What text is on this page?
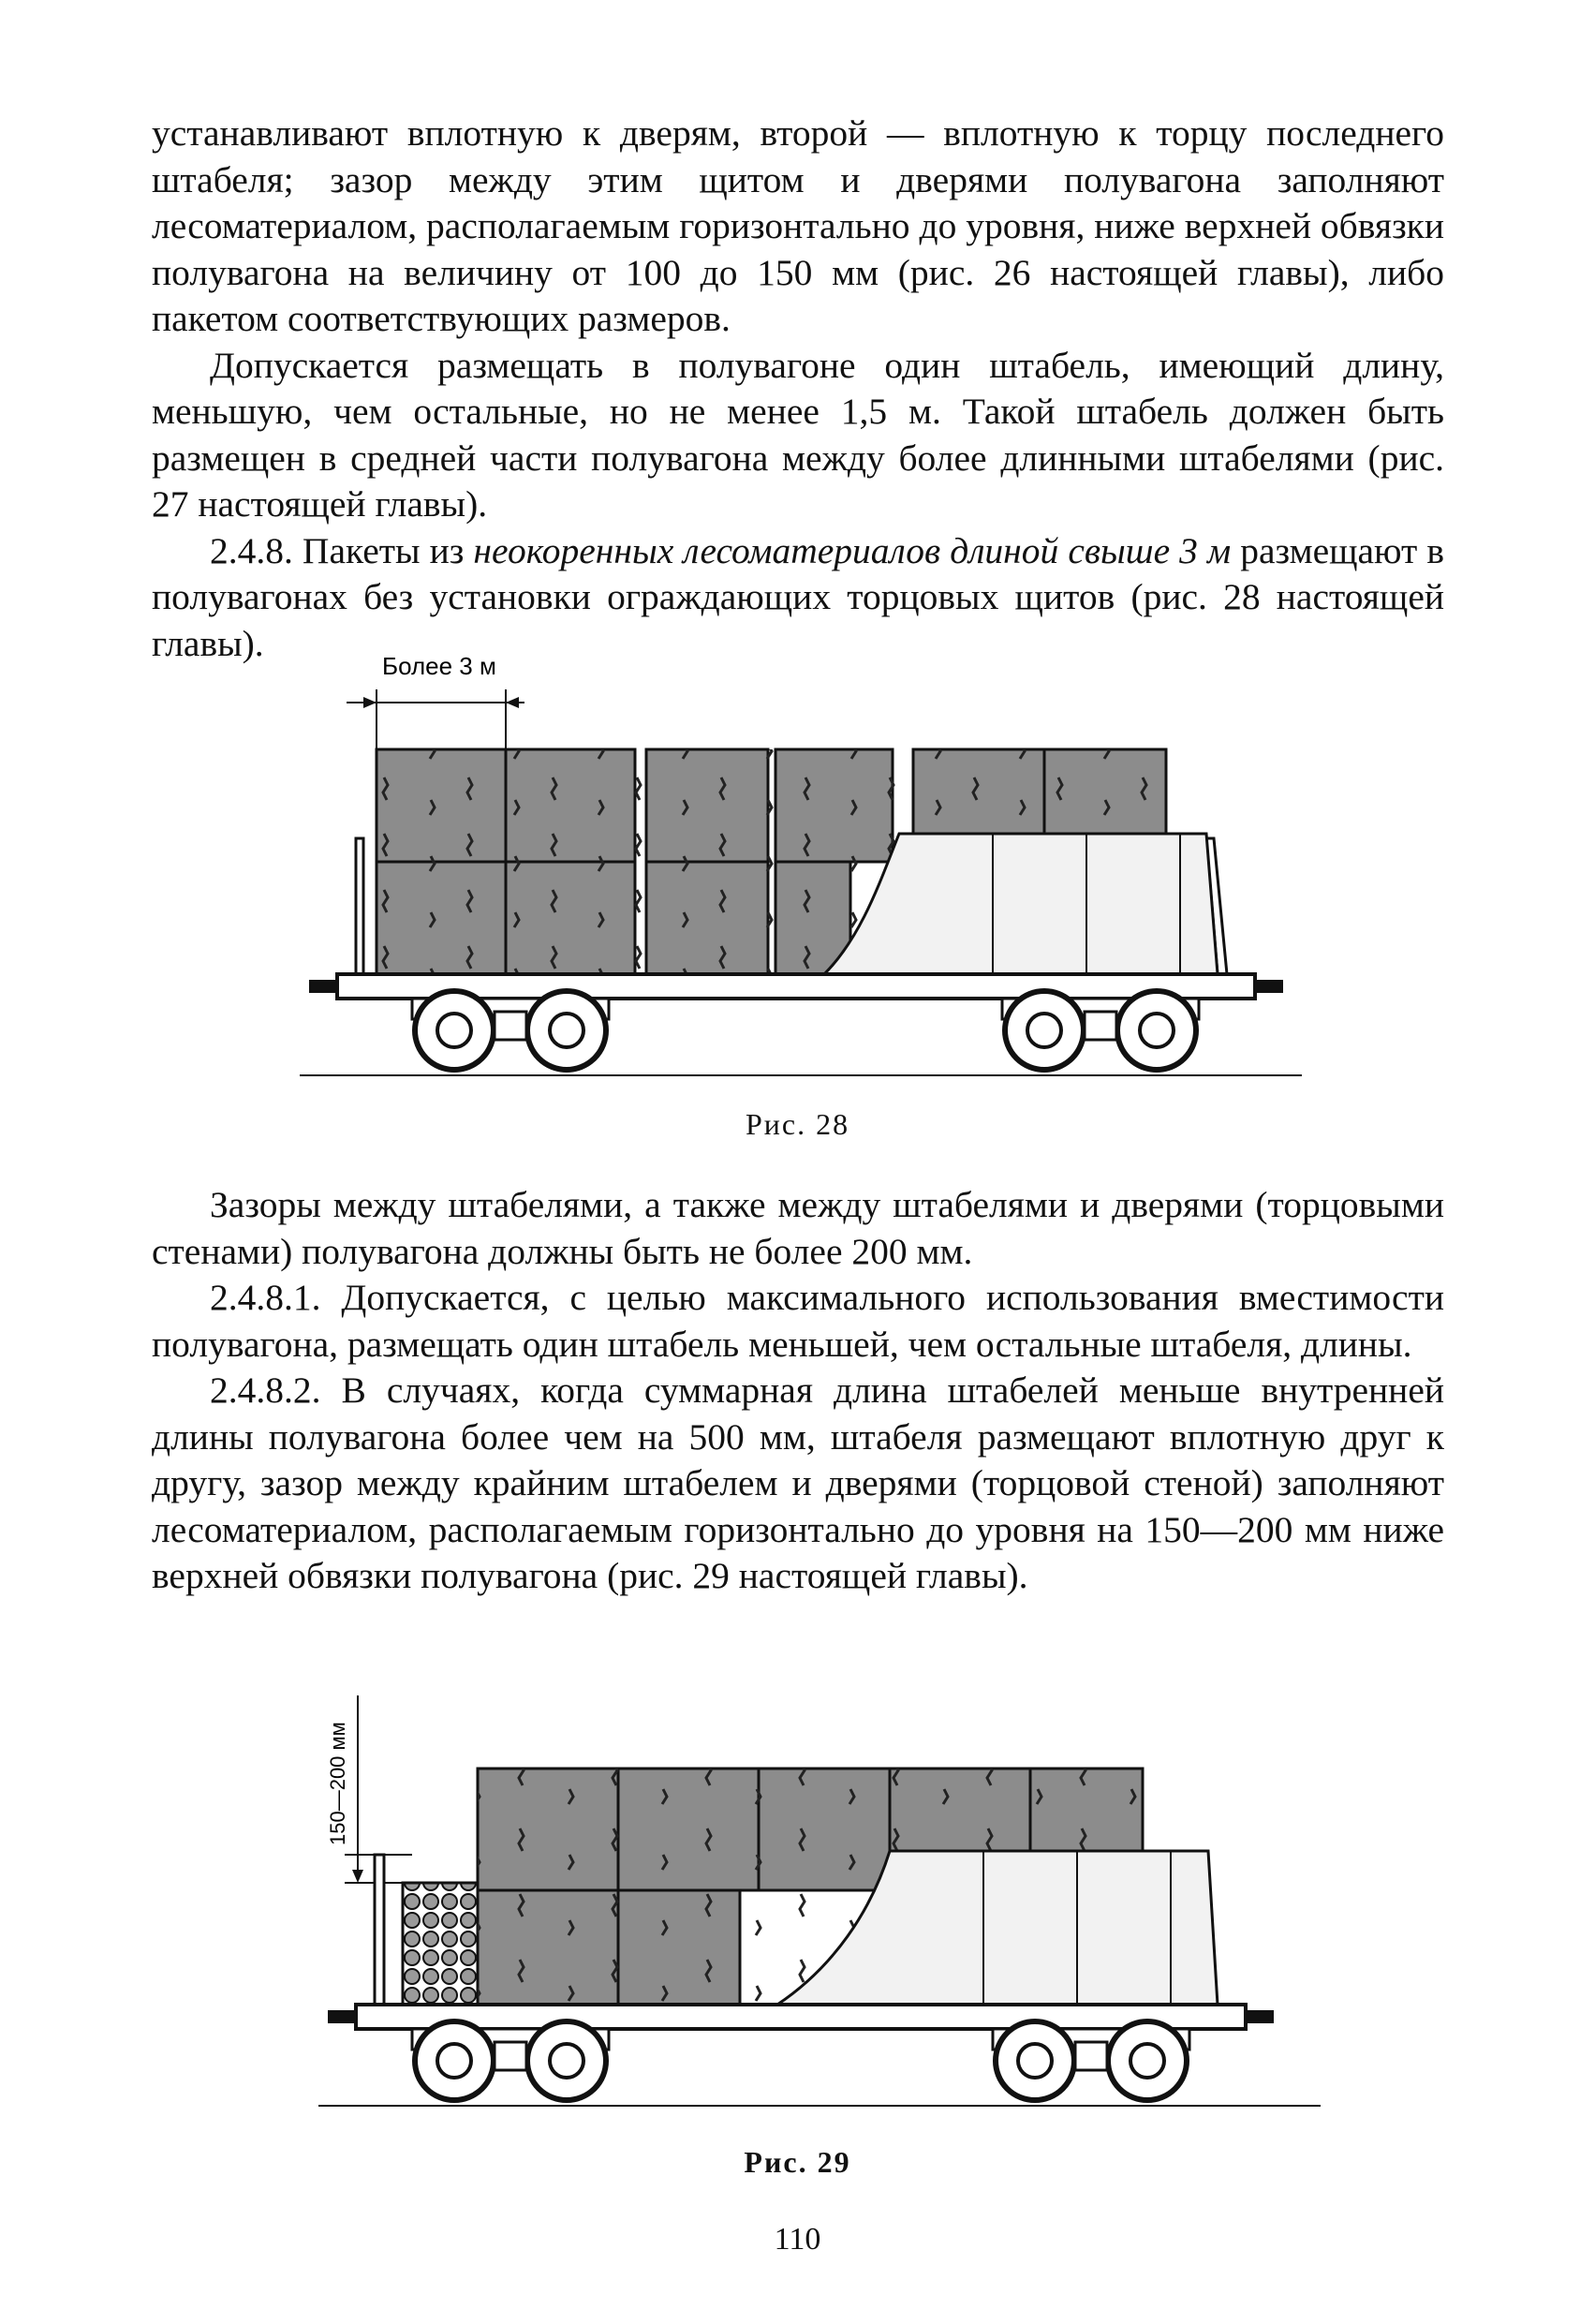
устанавливают вплотную к дверям, второй — вплотную к торцу последнего штабеля; зазор между этим щитом и дверями полувагона заполняют лесоматериалом, располагаемым горизонтально до уровня, ниже верхней обвязки полувагона на величину от 100 до 150 мм (рис. 26 настоящей главы), либо пакетом соответствующих размеров.

Допускается размещать в полувагоне один штабель, имеющий длину, меньшую, чем остальные, но не менее 1,5 м. Такой штабель должен быть размещен в средней части полувагона между более длинными штабелями (рис. 27 настоящей главы).

2.4.8. Пакеты из неокоренных лесоматериалов длиной свыше 3 м размещают в полувагонах без установки ограждающих торцовых щитов (рис. 28 настоящей главы).

Более 3 м
Рис. 28

Зазоры между штабелями, а также между штабелями и дверями (торцовыми стенами) полувагона должны быть не более 200 мм.

2.4.8.1. Допускается, с целью максимального использования вместимости полувагона, размещать один штабель меньшей, чем остальные штабеля, длины.

2.4.8.2. В случаях, когда суммарная длина штабелей меньше внутренней длины полувагона более чем на 500 мм, штабеля размещают вплотную друг к другу, зазор между крайним штабелем и дверями (торцовой стеной) заполняют лесоматериалом, располагаемым горизонтально до уровня на 150—200 мм ниже верхней обвязки полувагона (рис. 29 настоящей главы).

150—200 мм
Рис. 29
110
